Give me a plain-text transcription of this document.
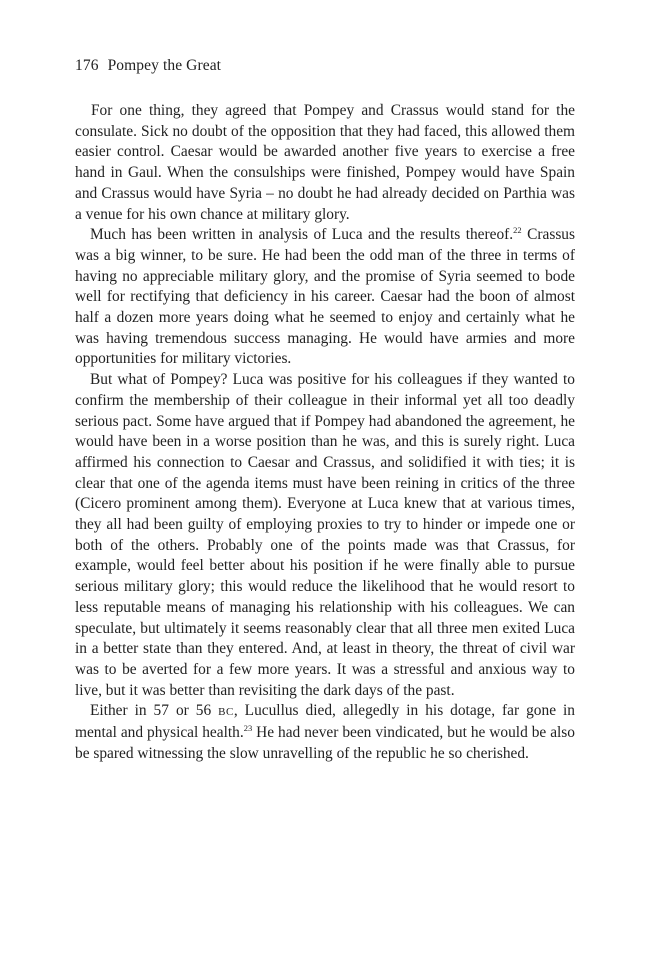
176 Pompey the Great

For one thing, they agreed that Pompey and Crassus would stand for the consulate. Sick no doubt of the opposition that they had faced, this allowed them easier control. Caesar would be awarded another five years to exercise a free hand in Gaul. When the consulships were finished, Pompey would have Spain and Crassus would have Syria – no doubt he had already decided on Parthia was a venue for his own chance at military glory.

Much has been written in analysis of Luca and the results thereof.$^{22}$ Crassus was a big winner, to be sure. He had been the odd man of the three in terms of having no appreciable military glory, and the promise of Syria seemed to bode well for rectifying that deficiency in his career. Caesar had the boon of almost half a dozen more years doing what he seemed to enjoy and certainly what he was having tremendous success managing. He would have armies and more opportunities for military victories.

But what of Pompey? Luca was positive for his colleagues if they wanted to confirm the membership of their colleague in their informal yet all too deadly serious pact. Some have argued that if Pompey had abandoned the agreement, he would have been in a worse position than he was, and this is surely right. Luca affirmed his connection to Caesar and Crassus, and solidified it with ties; it is clear that one of the agenda items must have been reining in critics of the three (Cicero prominent among them). Everyone at Luca knew that at various times, they all had been guilty of employing proxies to try to hinder or impede one or both of the others. Probably one of the points made was that Crassus, for example, would feel better about his position if he were finally able to pursue serious military glory; this would reduce the likelihood that he would resort to less reputable means of managing his relationship with his colleagues. We can speculate, but ultimately it seems reasonably clear that all three men exited Luca in a better state than they entered. And, at least in theory, the threat of civil war was to be averted for a few more years. It was a stressful and anxious way to live, but it was better than revisiting the dark days of the past.

Either in 57 or 56 BC, Lucullus died, allegedly in his dotage, far gone in mental and physical health.$^{23}$ He had never been vindicated, but he would be also be spared witnessing the slow unravelling of the republic he so cherished.
